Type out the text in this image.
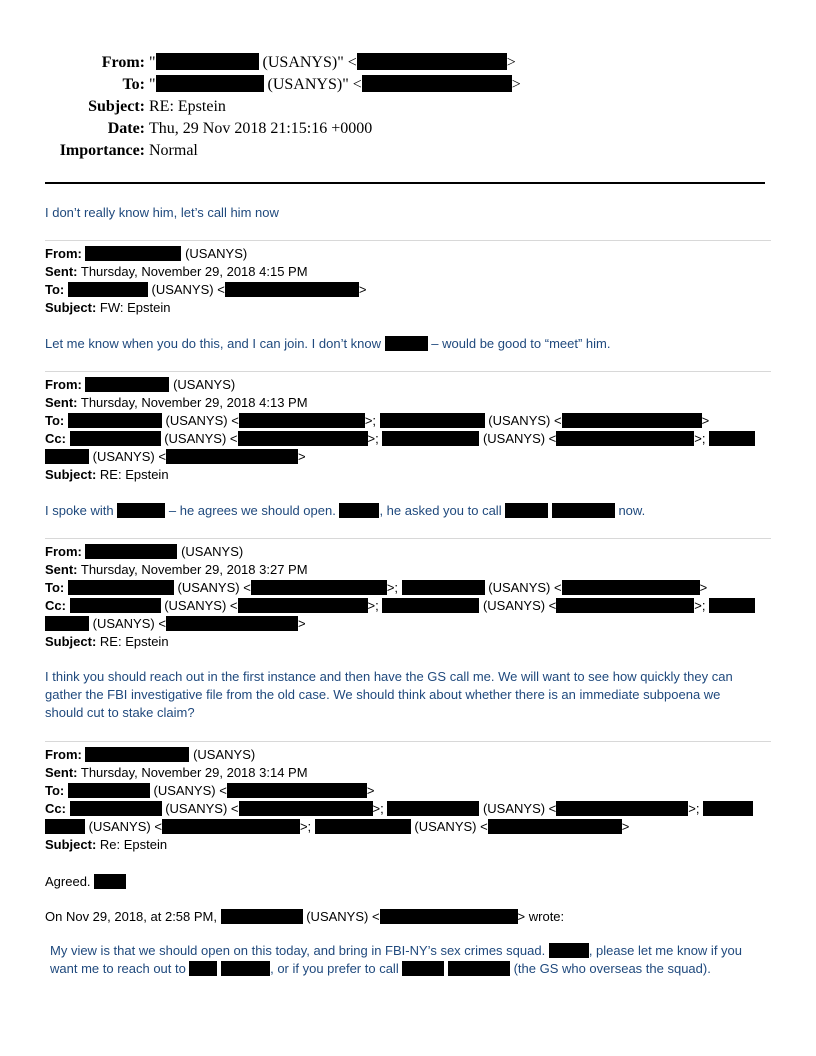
From: "	(USANYS)" <	>
To: "	(USANYS)" <	>
Subject: RE: Epstein
Date: Thu, 29 Nov 2018 21:15:16 +0000
Importance: Normal
I don’t really know him, let’s call him now
From:	(USANYS)
Sent: Thursday, November 29, 2018 4:15 PM
To:	(USANYS) <	>
Subject: FW: Epstein
Let me know when you do this, and I can join. I don’t know	– would be good to “meet” him.
From:	(USANYS)
Sent: Thursday, November 29, 2018 4:13 PM
To:	(USANYS) <	>;	(USANYS) <	>
Cc:	(USANYS) <	>;	(USANYS) <	>;
(USANYS) <	>
Subject: RE: Epstein
I spoke with	– he agrees we should open.	, he asked you to call	now.
From:	(USANYS)
Sent: Thursday, November 29, 2018 3:27 PM
To:	(USANYS) <	>;	(USANYS) <	>
Cc:	(USANYS) <	>;	(USANYS) <	>;
(USANYS) <	>
Subject: RE: Epstein
I think you should reach out in the first instance and then have the GS call me. We will want to see how quickly they can
gather the FBI investigative file from the old case. We should think about whether there is an immediate subpoena we
should cut to stake claim?
From:	(USANYS)
Sent: Thursday, November 29, 2018 3:14 PM
To:	(USANYS) <	>
Cc:	(USANYS) <	>;	(USANYS) <	>;
(USANYS) <	>;	(USANYS) <	>
Subject: Re: Epstein
Agreed.
On Nov 29, 2018, at 2:58 PM,	(USANYS) <	> wrote:
My view is that we should open on this today, and bring in FBI-NY’s sex crimes squad.	, please let me know if you
want me to reach out to	, or if you prefer to call	(the GS who overseas the squad).
